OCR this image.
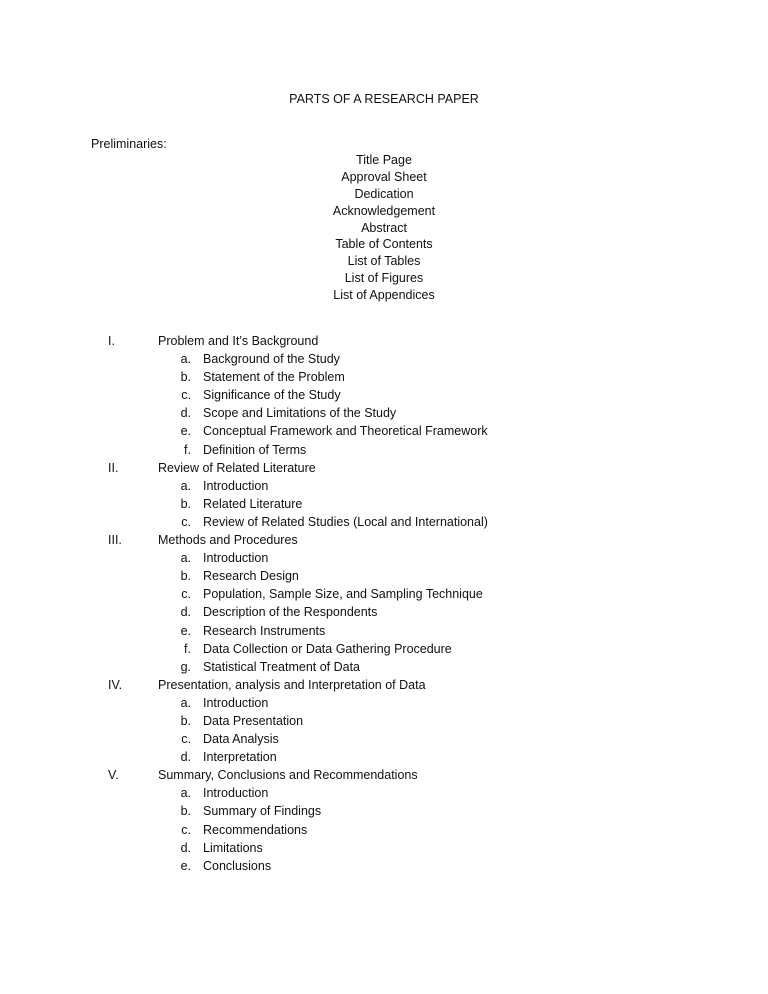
PARTS OF A RESEARCH PAPER
Preliminaries:
Title Page
Approval Sheet
Dedication
Acknowledgement
Abstract
Table of Contents
List of Tables
List of Figures
List of Appendices
I.	Problem and It’s Background
a. Background of the Study
b. Statement of the Problem
c. Significance of the Study
d. Scope and Limitations of the Study
e. Conceptual Framework and Theoretical Framework
f. Definition of Terms
II.	Review of Related Literature
a. Introduction
b. Related Literature
c. Review of Related Studies (Local and International)
III.	Methods and Procedures
a. Introduction
b. Research Design
c. Population, Sample Size, and Sampling Technique
d. Description of the Respondents
e. Research Instruments
f. Data Collection or Data Gathering Procedure
g. Statistical Treatment of Data
IV.	Presentation, analysis and Interpretation of Data
a. Introduction
b. Data Presentation
c. Data Analysis
d. Interpretation
V.	Summary, Conclusions and Recommendations
a. Introduction
b. Summary of Findings
c. Recommendations
d. Limitations
e. Conclusions
